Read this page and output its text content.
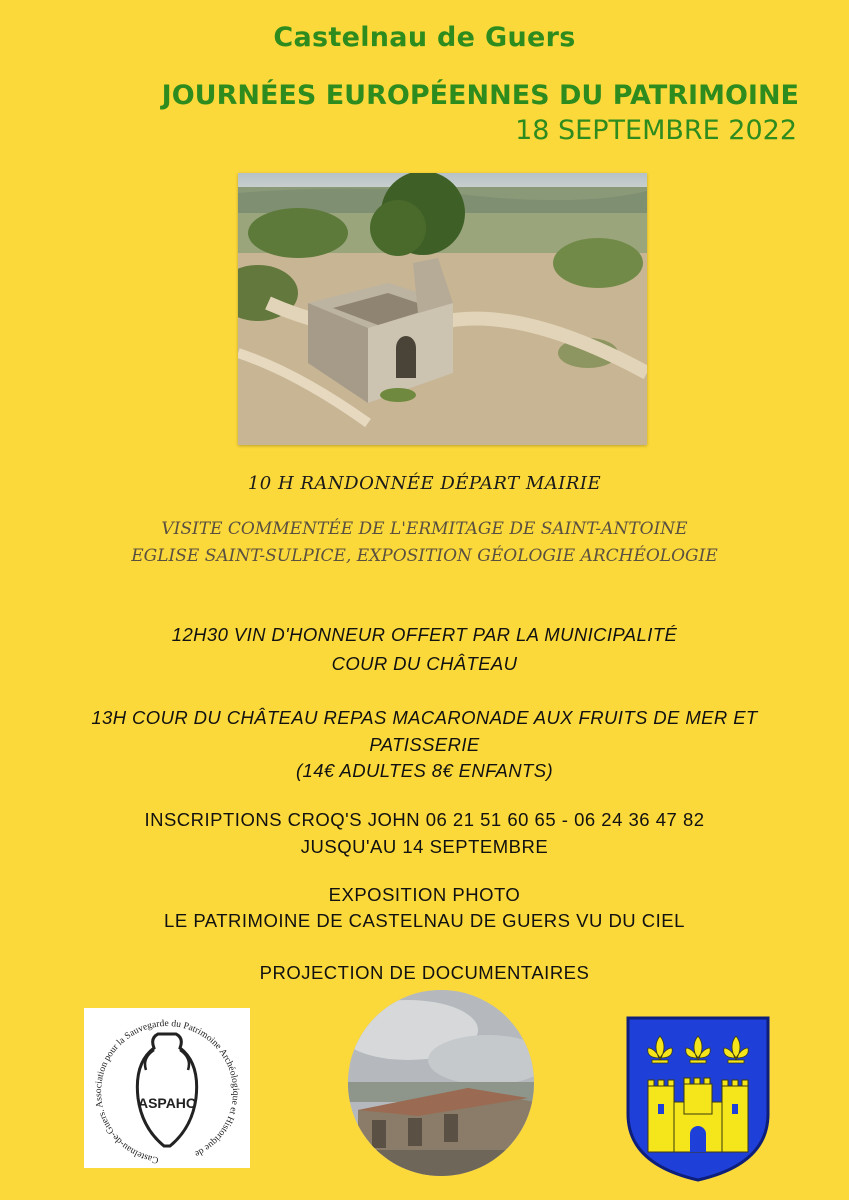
Castelnau de Guers
JOURNÉES EUROPÉENNES DU PATRIMOINE
18 SEPTEMBRE 2022
10 H RANDONNÉE DÉPART MAIRIE
VISITE COMMENTÉE DE L'ERMITAGE DE SAINT-ANTOINE
EGLISE SAINT-SULPICE, EXPOSITION GÉOLOGIE ARCHÉOLOGIE
12H30 VIN D'HONNEUR OFFERT PAR LA MUNICIPALITÉ
COUR DU CHÂTEAU
13H COUR DU CHÂTEAU REPAS MACARONADE AUX FRUITS DE MER ET
PATISSERIE
(14€ ADULTES 8€ ENFANTS)
INSCRIPTIONS CROQ'S JOHN 06 21 51 60 65 - 06 24 36 47 82
JUSQU'AU 14 SEPTEMBRE
EXPOSITION PHOTO
LE PATRIMOINE DE CASTELNAU DE GUERS VU DU CIEL
PROJECTION DE DOCUMENTAIRES
Castelnau-de-Guers. Association pour la Sauvegarde du Patrimoine Archéologique et Historique de
ASPAHC
